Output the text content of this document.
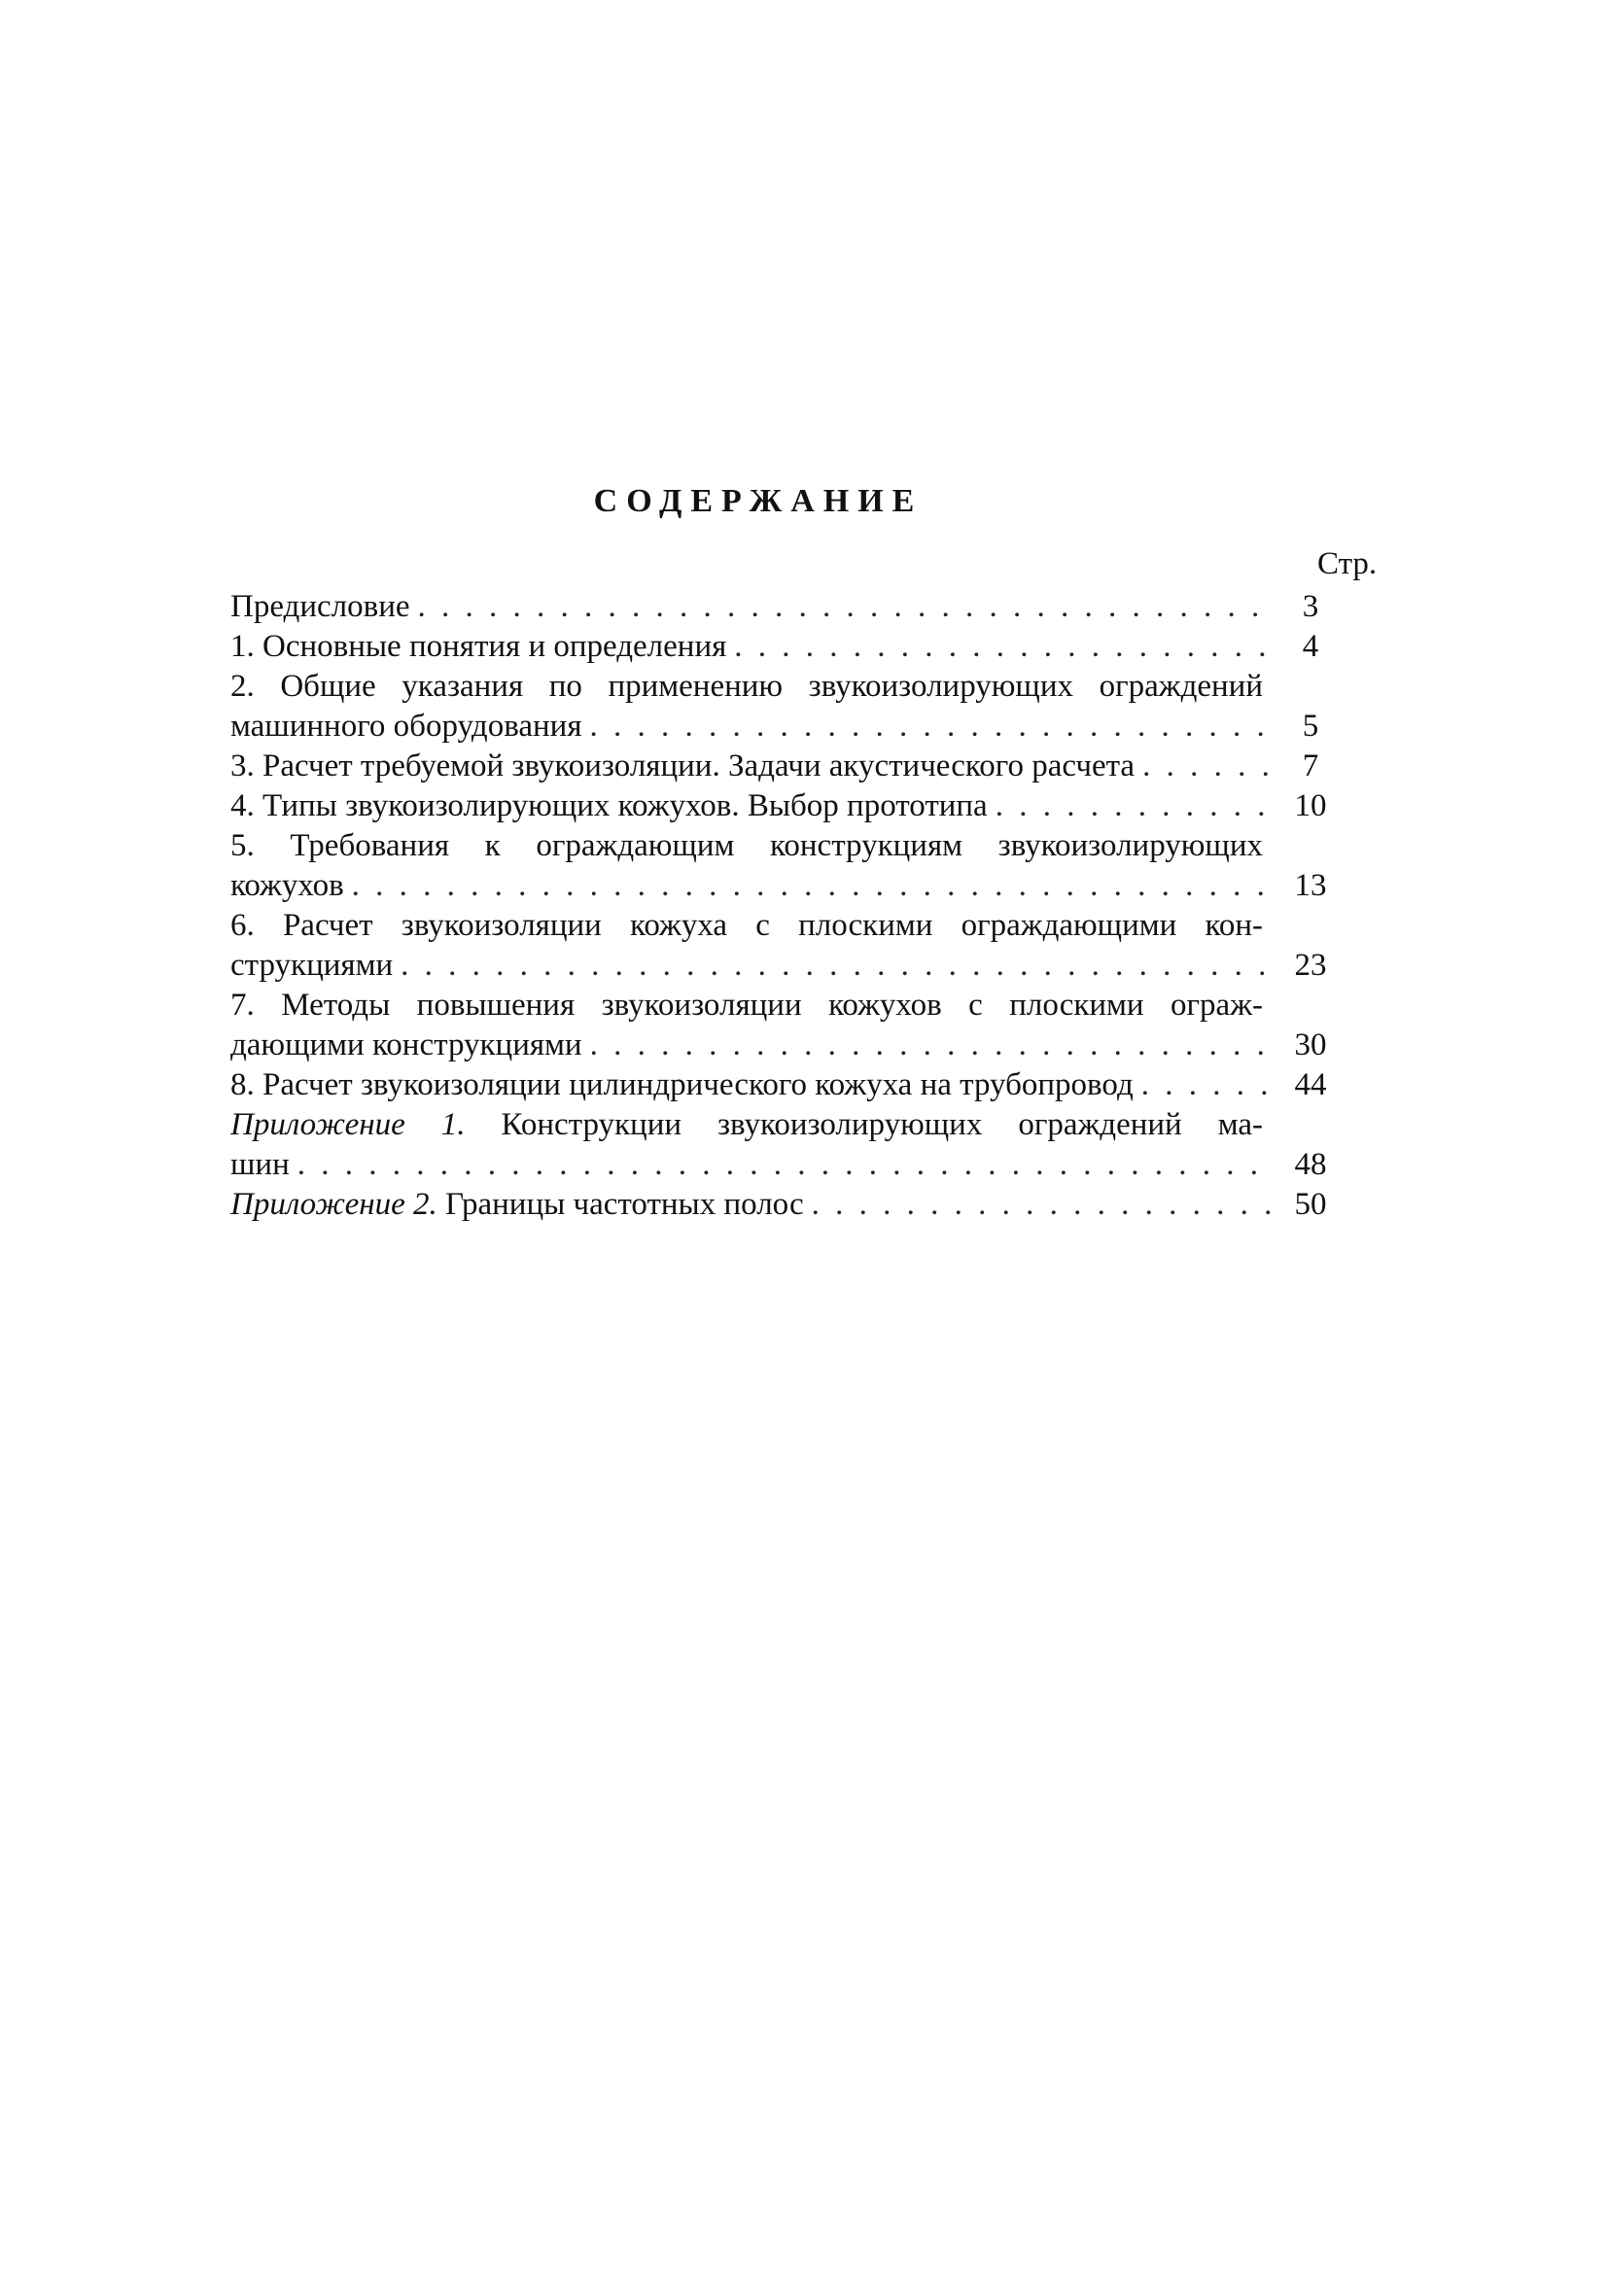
СОДЕРЖАНИЕ
Стр.
Предисловие . . .	3
1. Основные понятия и определения . . .	4
2. Общие указания по применению звукоизолирующих ограждений
машинного оборудования . . .	5
3. Расчет требуемой звукоизоляции. Задачи акустического расчета . . .	7
4. Типы звукоизолирующих кожухов. Выбор прототипа . . .	10
5. Требования к ограждающим конструкциям звукоизолирующих
кожухов . . .	13
6. Расчет звукоизоляции кожуха с плоскими ограждающими кон-
струкциями . . .	23
7. Методы повышения звукоизоляции кожухов с плоскими ограж-
дающими конструкциями . . .	30
8. Расчет звукоизоляции цилиндрического кожуха на трубопровод . . .	44
Приложение 1. Конструкции звукоизолирующих ограждений ма-
шин . . .	48
Приложение 2. Границы частотных полос . . .	50
